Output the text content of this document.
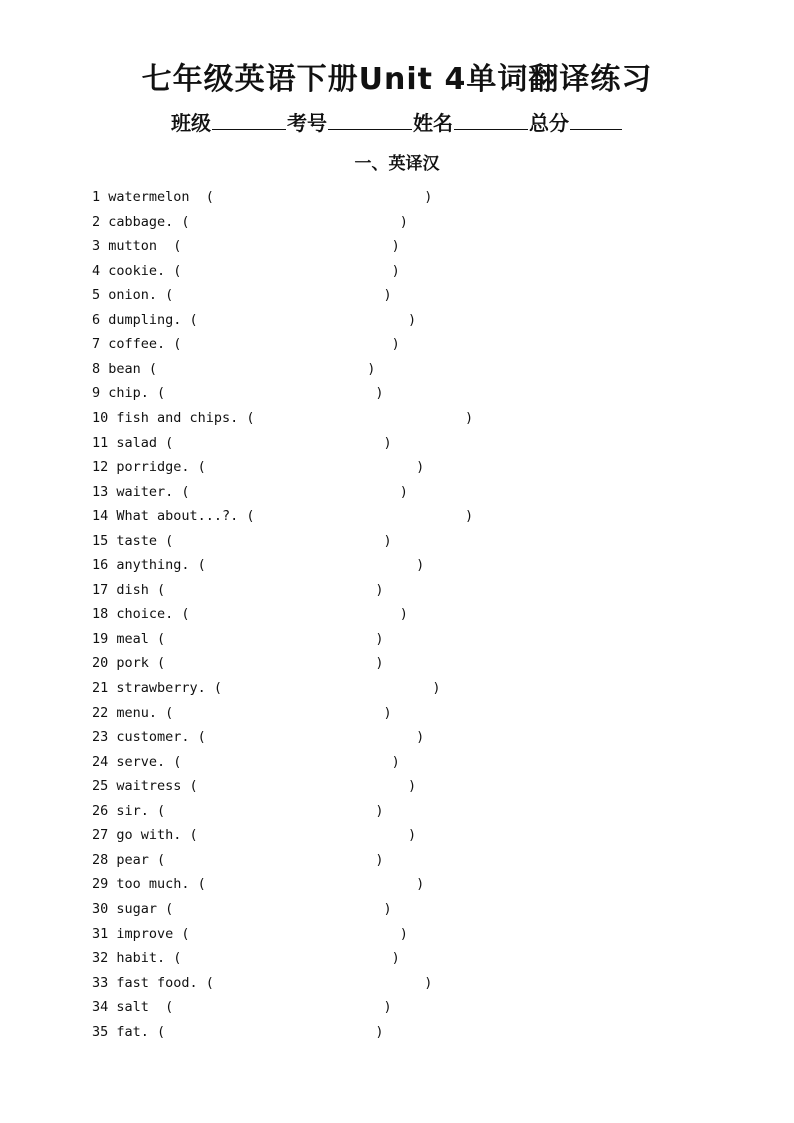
七年级英语下册Unit 4单词翻译练习
班级	考号	姓名	总分
一、英译汉
1 watermelon  (	)
2 cabbage. (	)
3 mutton  (	)
4 cookie. (	)
5 onion. (	)
6 dumpling. (	)
7 coffee. (	)
8 bean (	)
9 chip. (	)
10 fish and chips. (	)
11 salad (	)
12 porridge. (	)
13 waiter. (	)
14 What about...?. (	)
15 taste (	)
16 anything. (	)
17 dish (	)
18 choice. (	)
19 meal (	)
20 pork (	)
21 strawberry. (	)
22 menu. (	)
23 customer. (	)
24 serve. (	)
25 waitress (	)
26 sir. (	)
27 go with. (	)
28 pear (	)
29 too much. (	)
30 sugar (	)
31 improve (	)
32 habit. (	)
33 fast food. (	)
34 salt  (	)
35 fat. (	)
